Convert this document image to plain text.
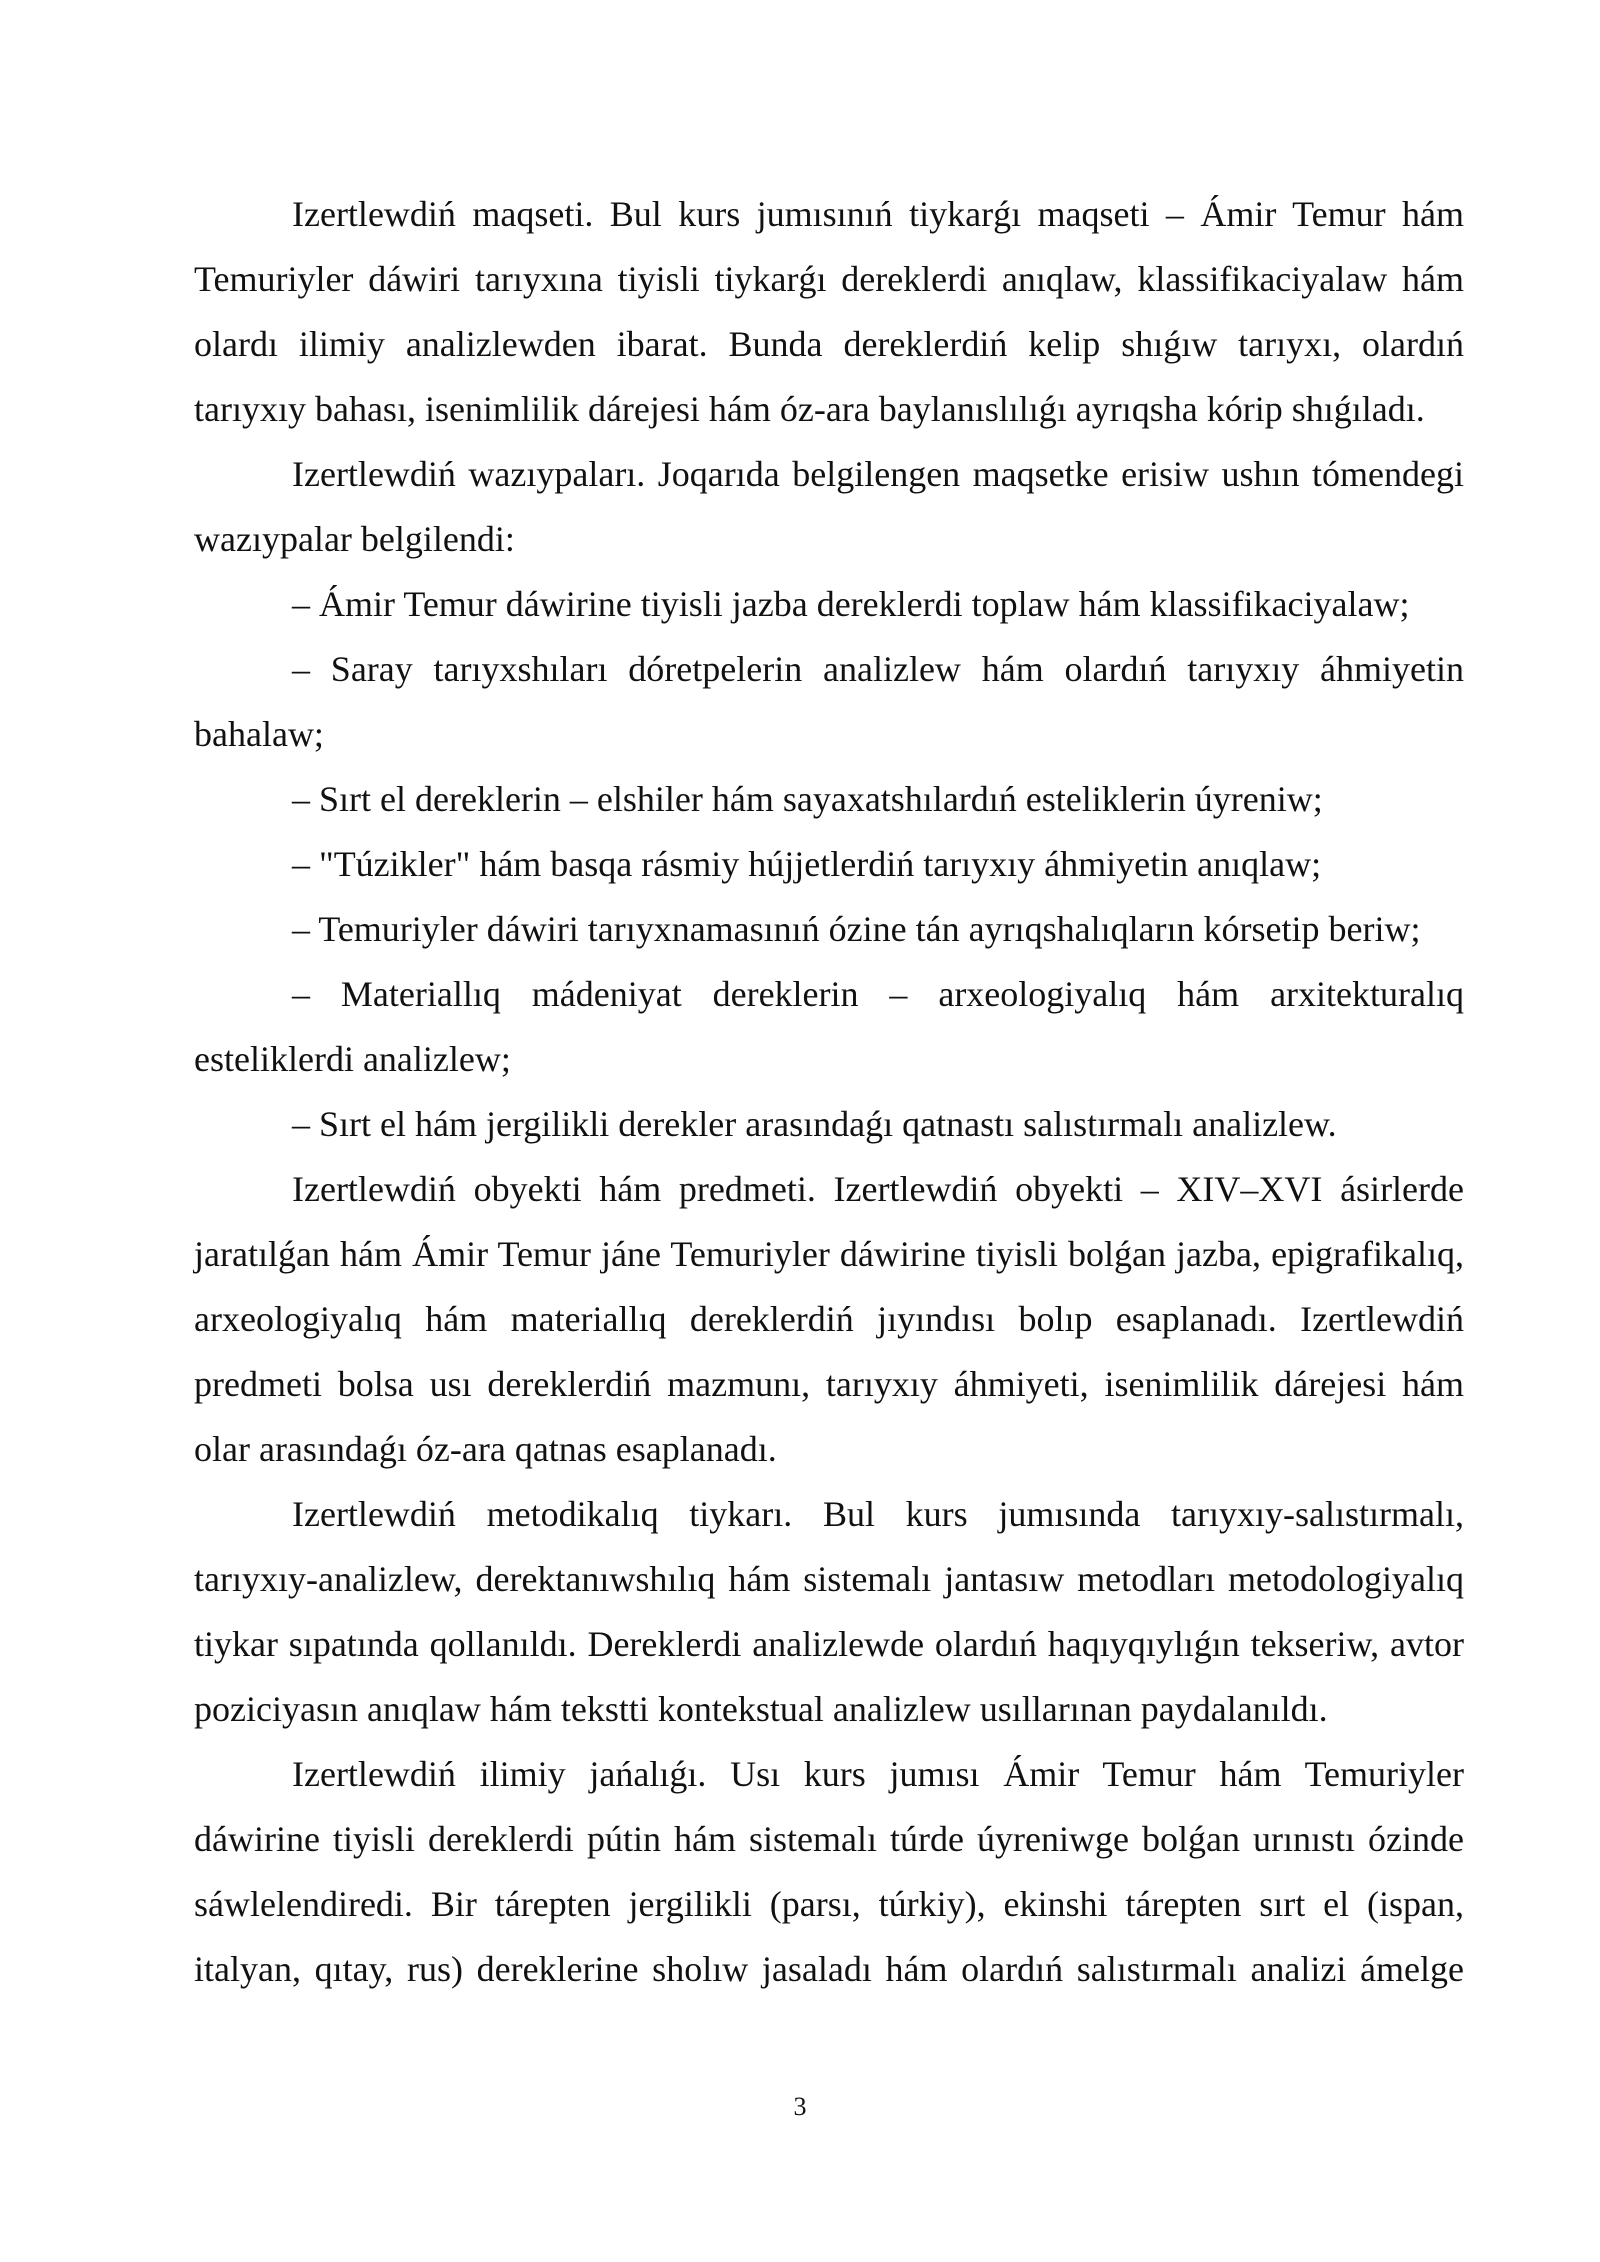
Izertlewdiń maqseti. Bul kurs jumısınıń tiykarǵı maqseti – Ámir Temur hám Temuriyler dáwiri tarıyxına tiyisli tiykarǵı dereklerdi anıqlaw, klassifikaciyalaw hám olardı ilimiy analizlewden ibarat. Bunda dereklerdiń kelip shıǵıw tarıyxı, olardıń tarıyxıy bahası, isenimlilik dárejesi hám óz-ara baylanıslılıǵı ayrıqsha kórip shıǵıladı.

Izertlewdiń wazıypaları. Joqarıda belgilengen maqsetke erisiw ushın tómendegi wazıypalar belgilendi:

– Ámir Temur dáwirine tiyisli jazba dereklerdi toplaw hám klassifikaciyalaw;

– Saray tarıyxshıları dóretpelerin analizlew hám olardıń tarıyxıy áhmiyetin bahalaw;

– Sırt el dereklerin – elshiler hám sayaxatshılardıń esteliklerin úyreniw;

– "Túzikler" hám basqa rásmiy hújjetlerdiń tarıyxıy áhmiyetin anıqlaw;

– Temuriyler dáwiri tarıyxnamasınıń ózine tán ayrıqshalıqların kórsetip beriw;

– Materiallıq mádeniyat dereklerin – arxeologiyalıq hám arxitekturalıq esteliklerdi analizlew;

– Sırt el hám jergilikli derekler arasındaǵı qatnastı salıstırmalı analizlew.

Izertlewdiń obyekti hám predmeti. Izertlewdiń obyekti – XIV–XVI ásirlerde jaratılǵan hám Ámir Temur jáne Temuriyler dáwirine tiyisli bolǵan jazba, epigrafikalıq, arxeologiyalıq hám materiallıq dereklerdiń jıyındısı bolıp esaplanadı. Izertlewdiń predmeti bolsa usı dereklerdiń mazmunı, tarıyxıy áhmiyeti, isenimlilik dárejesi hám olar arasındaǵı óz-ara qatnas esaplanadı.

Izertlewdiń metodikalıq tiykarı. Bul kurs jumısında tarıyxıy-salıstırmalı, tarıyxıy-analizlew, derektanıwshılıq hám sistemalı jantasıw metodları metodologiyalıq tiykar sıpatında qollanıldı. Dereklerdi analizlewde olardıń haqıyqıylıǵın tekseriw, avtor poziciyasın anıqlaw hám tekstti kontekstual analizlew usıllarınan paydalanıldı.

Izertlewdiń ilimiy jańalıǵı. Usı kurs jumısı Ámir Temur hám Temuriyler dáwirine tiyisli dereklerdi pútin hám sistemalı túrde úyreniwge bolǵan urınıstı ózinde sáwlelendiredi. Bir tárepten jergilikli (parsı, túrkiy), ekinshi tárepten sırt el (ispan, italyan, qıtay, rus) dereklerine sholıw jasaladı hám olardıń salıstırmalı analizi ámelge

3
